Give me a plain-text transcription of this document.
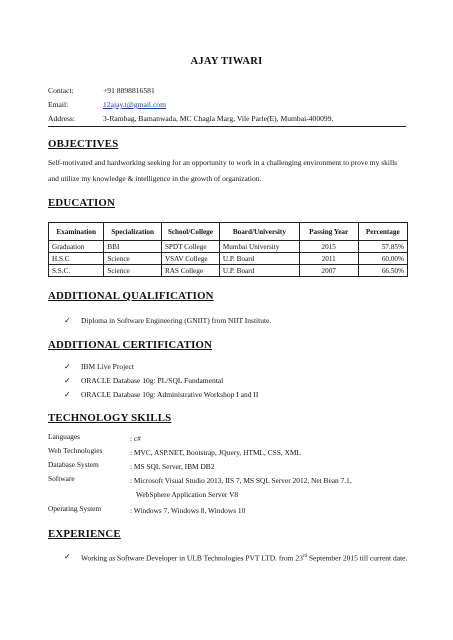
AJAY TIWARI
Contact:	+91 8898816581
Email:	12ajay.t@gmail.com
Address:	3-Rambag, Bamanwada, MC Chagla Marg, Vile Parle(E), Mumbai-400099.
OBJECTIVES
Self-motivated and hardworking seeking for an opportunity to work in a challenging environment to prove my skills and utilize my knowledge & intelligence in the growth of organization.
EDUCATION
Examination	Specialization	School/College	Board/University	Passing Year	Percentage
Graduation	BBI	SPDT College	Mumbai University	2015	57.85%
H.S.C	Science	VSAV College	U.P. Board	2011	60.00%
S.S.C.	Science	RAS College	U.P. Board	2007	66.50%
ADDITIONAL QUALIFICATION
✓	Diploma in Software Engineering (GNIIT) from NIIT Institute.
ADDITIONAL CERTIFICATION
✓	IBM Live Project
✓	ORACLE Database 10g: PL/SQL Fundamental
✓	ORACLE Database 10g: Administrative Workshop I and II
TECHNOLOGY SKILLS
Languages	: c#
Web Technologies	: MVC, ASP.NET, Bootstrap, JQuery, HTML, CSS, XML
Database System	: MS SQL Server, IBM DB2
Software	: Microsoft Visual Studio 2013, IIS 7, MS SQL Server 2012, Net Bean 7.1,
WebSphere Application Server V8
Operating System	: Windows 7, Windows 8, Windows 10
EXPERIENCE
✓	Working as Software Developer in ULB Technologies PVT LTD. from 23rd September 2015 till current date.
